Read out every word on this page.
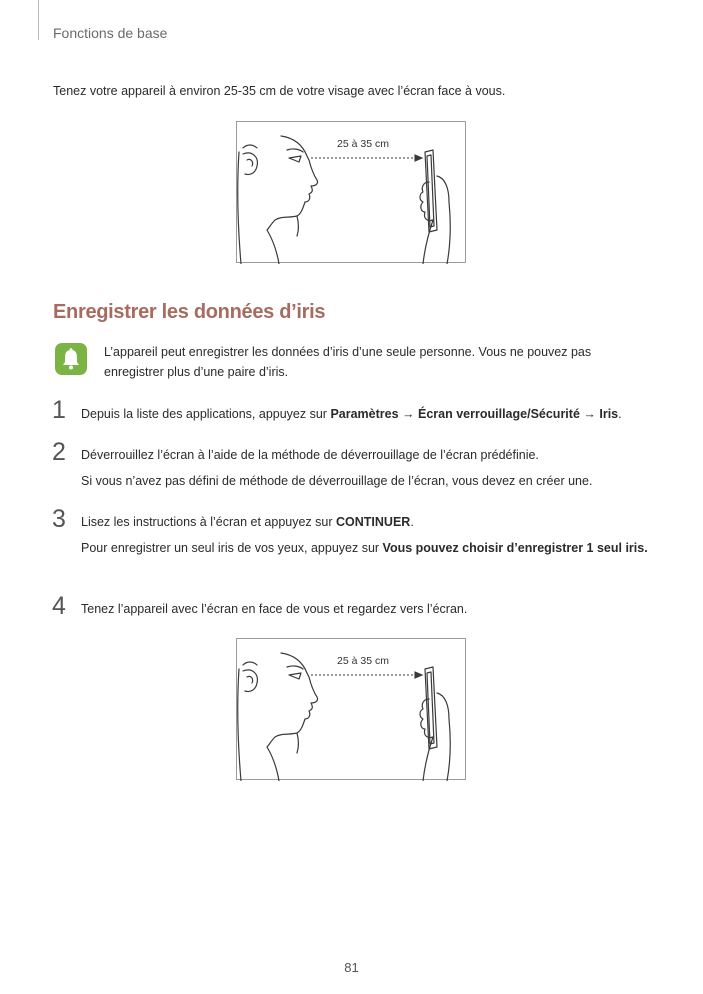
Fonctions de base
Tenez votre appareil à environ 25-35 cm de votre visage avec l’écran face à vous.
25 à 35 cm
Enregistrer les données d’iris
L’appareil peut enregistrer les données d’iris d’une seule personne. Vous ne pouvez pas enregistrer plus d’une paire d’iris.
1 Depuis la liste des applications, appuyez sur Paramètres → Écran verrouillage/Sécurité → Iris.
2 Déverrouillez l’écran à l’aide de la méthode de déverrouillage de l’écran prédéfinie.
Si vous n’avez pas défini de méthode de déverrouillage de l’écran, vous devez en créer une.
3 Lisez les instructions à l’écran et appuyez sur CONTINUER.
Pour enregistrer un seul iris de vos yeux, appuyez sur Vous pouvez choisir d’enregistrer 1 seul iris.
4 Tenez l’appareil avec l’écran en face de vous et regardez vers l’écran.
25 à 35 cm
81
